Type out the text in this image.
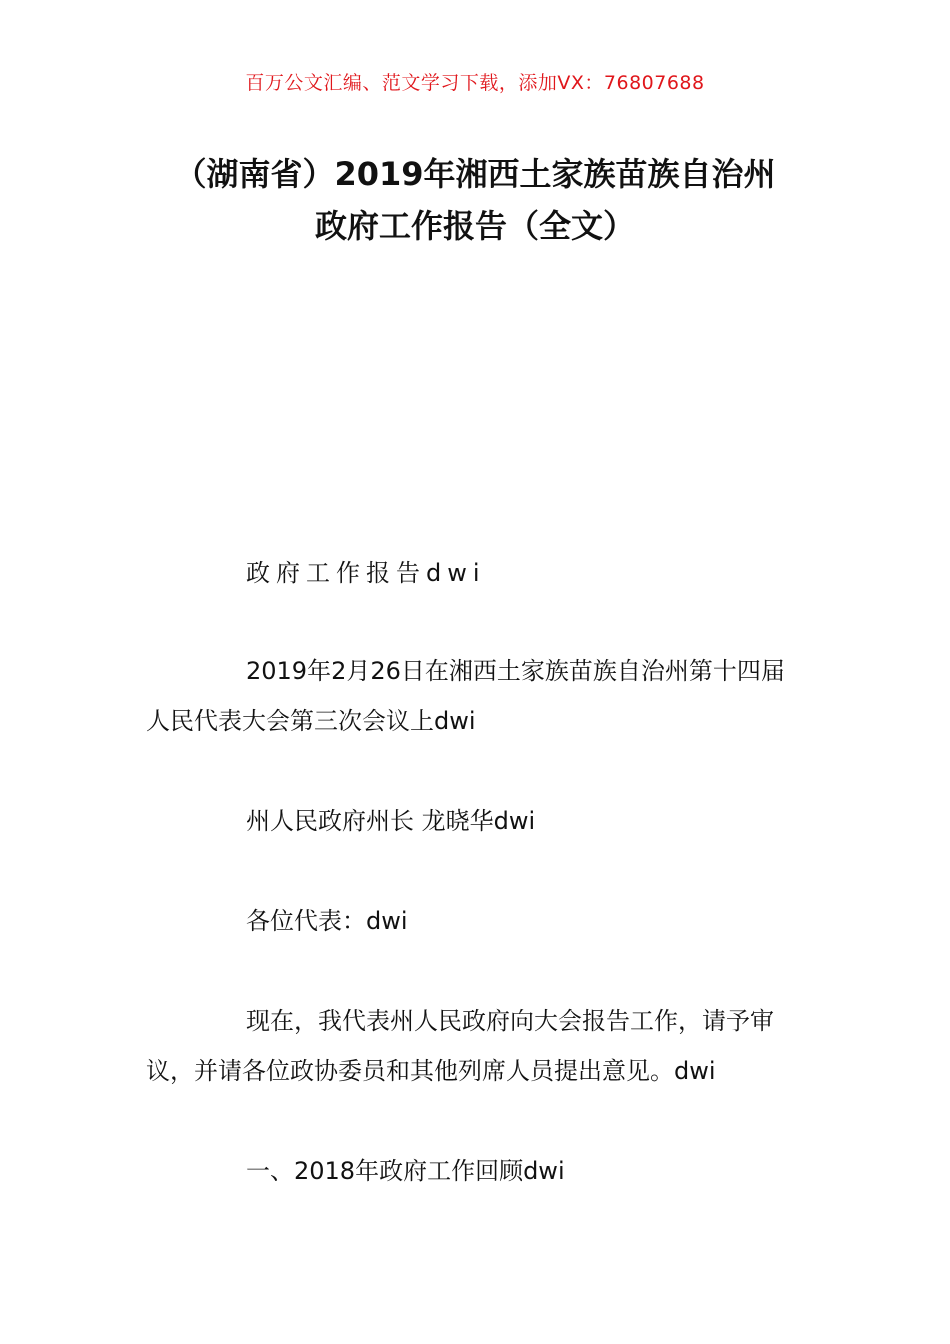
百万公文汇编、范文学习下载，添加VX：76807688
（湖南省）2019年湘西土家族苗族自治州
政府工作报告（全文）
政府工作报告dwi
2019年2月26日在湘西土家族苗族自治州第十四届人民代表大会第三次会议上dwi
州人民政府州长 龙晓华dwi
各位代表：dwi
现在，我代表州人民政府向大会报告工作，请予审议，并请各位政协委员和其他列席人员提出意见。dwi
一、2018年政府工作回顾dwi
